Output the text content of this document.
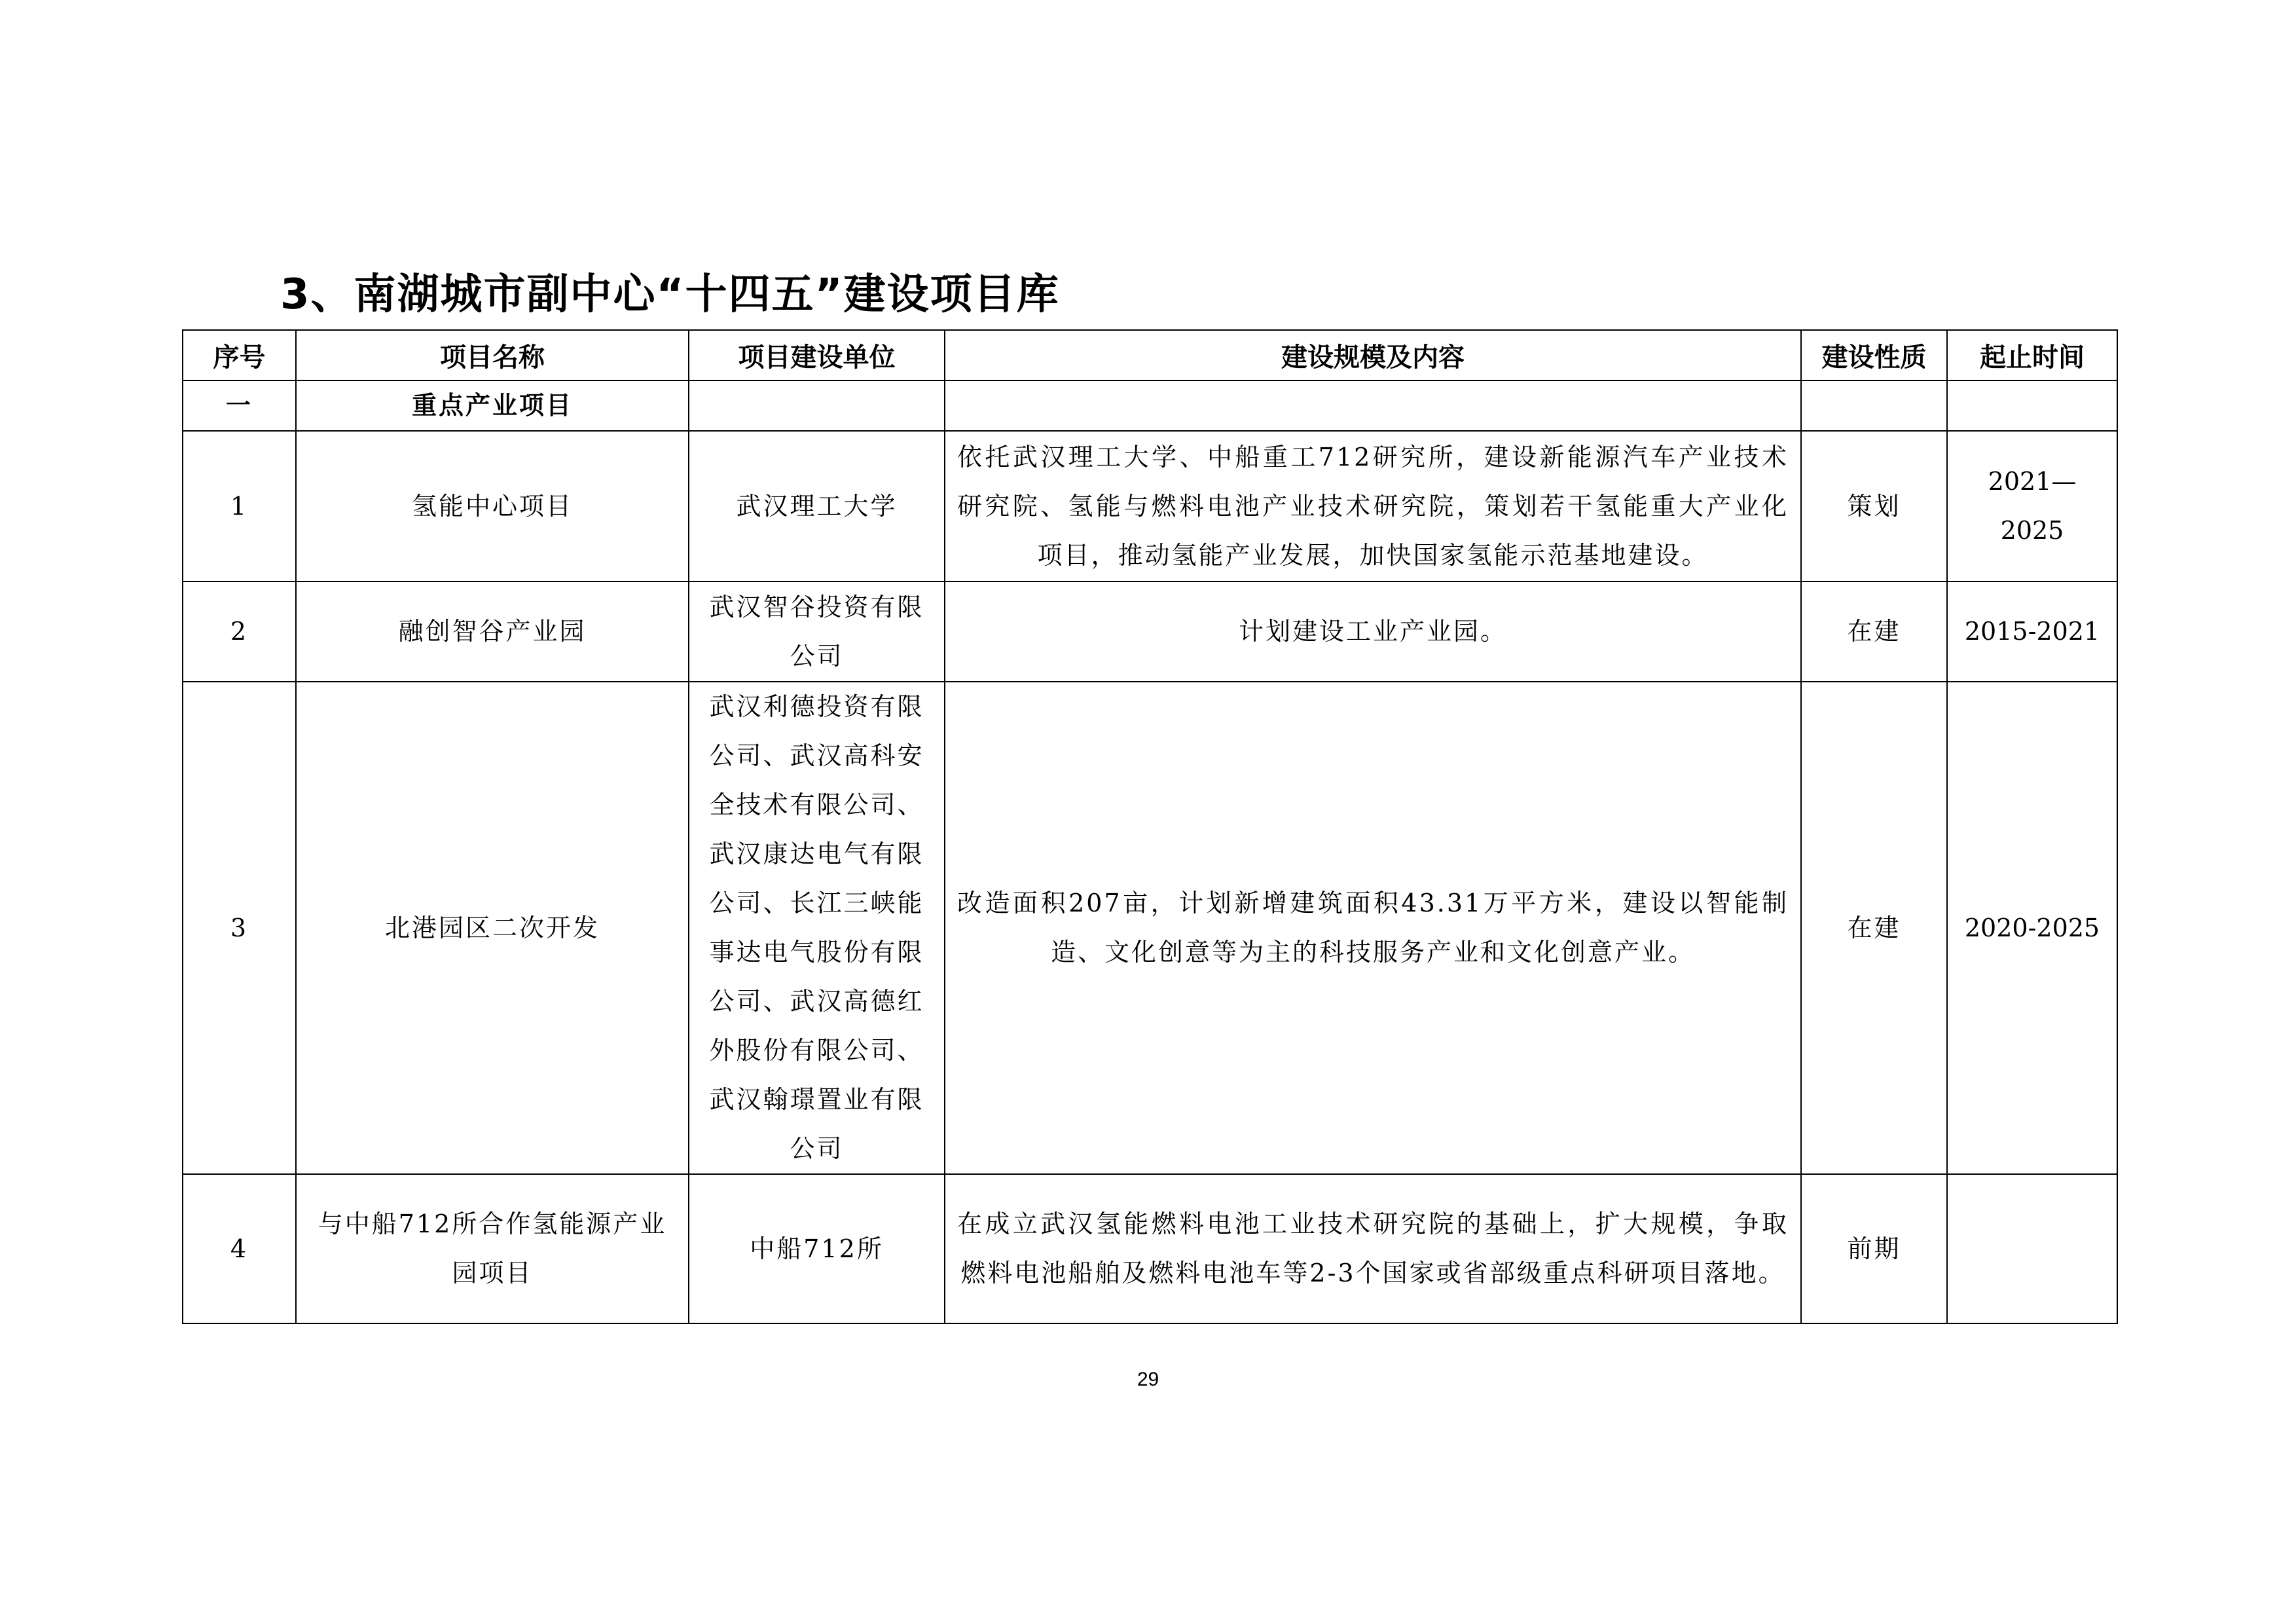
3、南湖城市副中心“十四五”建设项目库
序号	项目名称	项目建设单位	建设规模及内容	建设性质	起止时间
一	重点产业项目				
1	氢能中心项目	武汉理工大学	依托武汉理工大学、中船重工712研究所，建设新能源汽车产业技术研究院、氢能与燃料电池产业技术研究院，策划若干氢能重大产业化项目，推动氢能产业发展，加快国家氢能示范基地建设。	策划	2021—2025
2	融创智谷产业园	武汉智谷投资有限公司	计划建设工业产业园。	在建	2015-2021
3	北港园区二次开发	武汉利德投资有限公司、武汉高科安全技术有限公司、武汉康达电气有限公司、长江三峡能事达电气股份有限公司、武汉高德红外股份有限公司、武汉翰璟置业有限公司	改造面积207亩，计划新增建筑面积43.31万平方米，建设以智能制造、文化创意等为主的科技服务产业和文化创意产业。	在建	2020-2025
4	与中船712所合作氢能源产业园项目	中船712所	在成立武汉氢能燃料电池工业技术研究院的基础上，扩大规模，争取燃料电池船舶及燃料电池车等2-3个国家或省部级重点科研项目落地。	前期	
29
